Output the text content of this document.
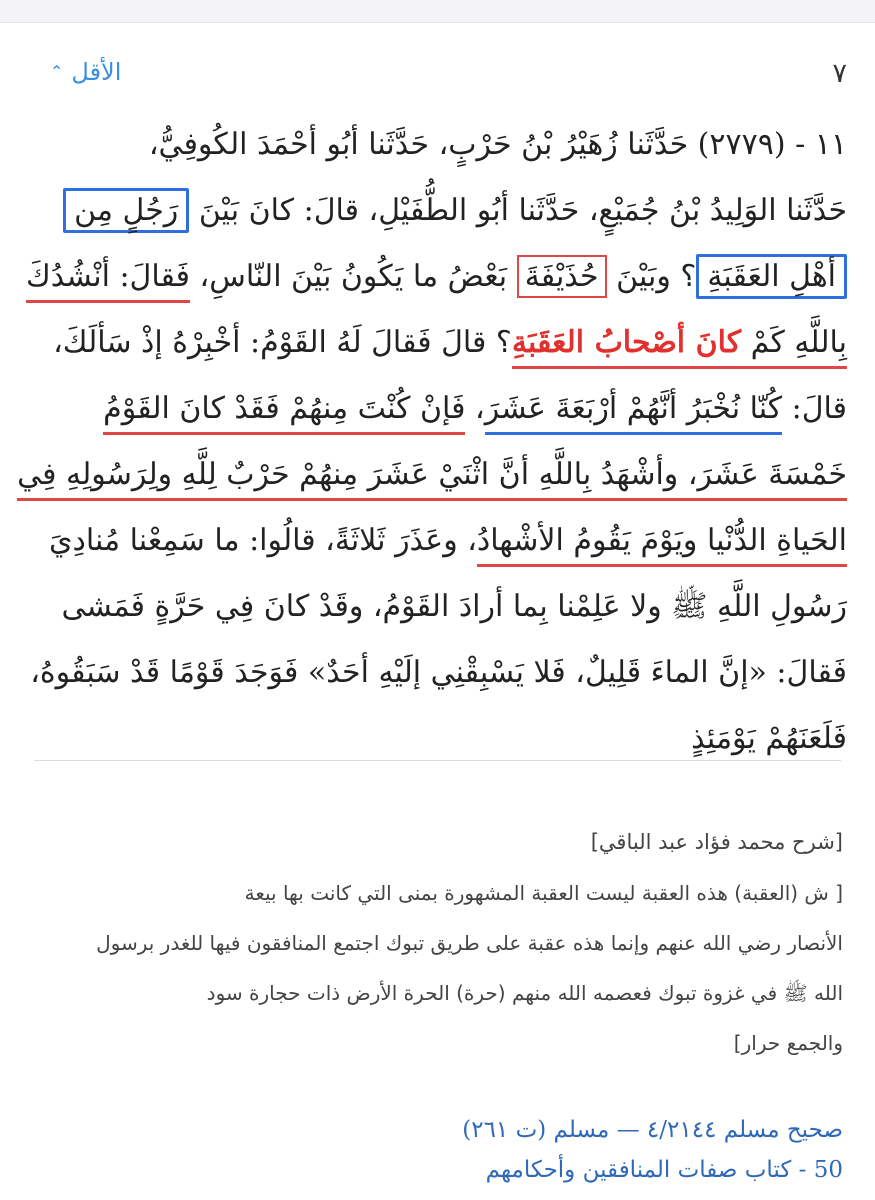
٧
الأقل
⌃
١١ - (٢٧٧٩) حَدَّثَنا زُهَيْرُ بْنُ حَرْبٍ، حَدَّثَنا أبُو أحْمَدَ الكُوفِيُّ،
حَدَّثَنا الوَلِيدُ بْنُ جُمَيْعٍ، حَدَّثَنا أبُو الطُّفَيْلِ، قالَ: كانَ بَيْنَ رَجُلٍ مِن
أهْلِ العَقَبَةِ؟ وبَيْنَ حُذَيْفَةَ بَعْضُ ما يَكُونُ بَيْنَ النّاسِ، فَقالَ: أنْشُدُكَ
بِاللَّهِ كَمْ كانَ أصْحابُ العَقَبَةِ؟ قالَ فَقالَ لَهُ القَوْمُ: أخْبِرْهُ إذْ سَألَكَ،
قالَ: كُنّا نُخْبَرُ أنَّهُمْ أرْبَعَةَ عَشَرَ، فَإنْ كُنْتَ مِنهُمْ فَقَدْ كانَ القَوْمُ
خَمْسَةَ عَشَرَ، وأشْهَدُ بِاللَّهِ أنَّ اثْنَيْ عَشَرَ مِنهُمْ حَرْبٌ لِلَّهِ ولِرَسُولِهِ فِي
الحَياةِ الدُّنْيا ويَوْمَ يَقُومُ الأشْهادُ، وعَذَرَ ثَلاثَةً، قالُوا: ما سَمِعْنا مُنادِيَ
رَسُولِ اللَّهِ ﷺ ولا عَلِمْنا بِما أرادَ القَوْمُ، وقَدْ كانَ فِي حَرَّةٍ فَمَشى
فَقالَ: «إنَّ الماءَ قَلِيلٌ، فَلا يَسْبِقْنِي إلَيْهِ أحَدٌ» فَوَجَدَ قَوْمًا قَدْ سَبَقُوهُ،
فَلَعَنَهُمْ يَوْمَئِذٍ
[شرح محمد فؤاد عبد الباقي]
[ ش (العقبة) هذه العقبة ليست العقبة المشهورة بمنى التي كانت بها بيعة
الأنصار رضي الله عنهم وإنما هذه عقبة على طريق تبوك اجتمع المنافقون فيها للغدر برسول
الله ﷺ في غزوة تبوك فعصمه الله منهم (حرة) الحرة الأرض ذات حجارة سود
والجمع حرار]
صحيح مسلم ٤/٢١٤٤ — مسلم (ت ٢٦١)
50 - كتاب صفات المنافقين وأحكامهم
